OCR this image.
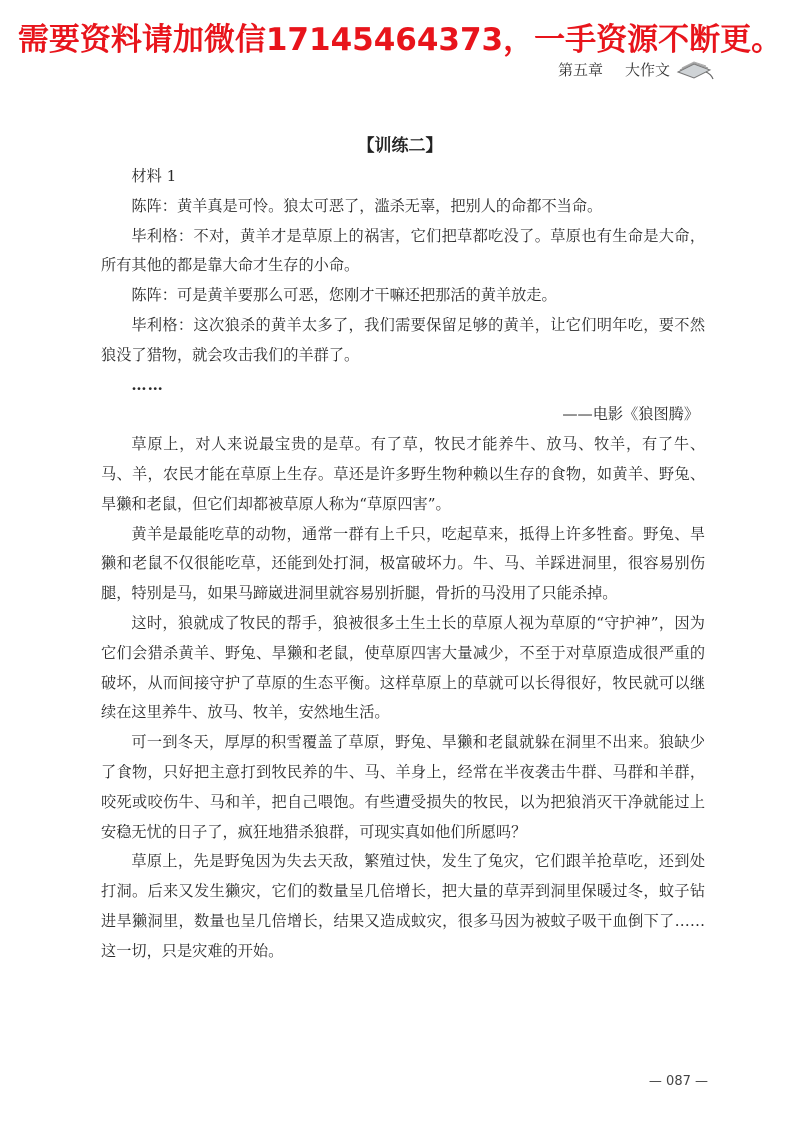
需要资料请加微信17145464373，一手资源不断更。
第五章 大作文
【训练二】

材料 1

陈阵：黄羊真是可怜。狼太可恶了，滥杀无辜，把别人的命都不当命。

毕利格：不对，黄羊才是草原上的祸害，它们把草都吃没了。草原也有生命是大命，所有其他的都是靠大命才生存的小命。

陈阵：可是黄羊要那么可恶，您刚才干嘛还把那活的黄羊放走。

毕利格：这次狼杀的黄羊太多了，我们需要保留足够的黄羊，让它们明年吃，要不然狼没了猎物，就会攻击我们的羊群了。

……

——电影《狼图腾》

草原上，对人来说最宝贵的是草。有了草，牧民才能养牛、放马、牧羊，有了牛、马、羊，农民才能在草原上生存。草还是许多野生物种赖以生存的食物，如黄羊、野兔、旱獭和老鼠，但它们却都被草原人称为“草原四害”。

黄羊是最能吃草的动物，通常一群有上千只，吃起草来，抵得上许多牲畜。野兔、旱獭和老鼠不仅很能吃草，还能到处打洞，极富破坏力。牛、马、羊踩进洞里，很容易别伤腿，特别是马，如果马蹄崴进洞里就容易别折腿，骨折的马没用了只能杀掉。

这时，狼就成了牧民的帮手，狼被很多土生土长的草原人视为草原的“守护神”，因为它们会猎杀黄羊、野兔、旱獭和老鼠，使草原四害大量减少，不至于对草原造成很严重的破坏，从而间接守护了草原的生态平衡。这样草原上的草就可以长得很好，牧民就可以继续在这里养牛、放马、牧羊，安然地生活。

可一到冬天，厚厚的积雪覆盖了草原，野兔、旱獭和老鼠就躲在洞里不出来。狼缺少了食物，只好把主意打到牧民养的牛、马、羊身上，经常在半夜袭击牛群、马群和羊群，咬死或咬伤牛、马和羊，把自己喂饱。有些遭受损失的牧民，以为把狼消灭干净就能过上安稳无忧的日子了，疯狂地猎杀狼群，可现实真如他们所愿吗？

草原上，先是野兔因为失去天敌，繁殖过快，发生了兔灾，它们跟羊抢草吃，还到处打洞。后来又发生獭灾，它们的数量呈几倍增长，把大量的草弄到洞里保暖过冬，蚊子钻进旱獭洞里，数量也呈几倍增长，结果又造成蚊灾，很多马因为被蚊子吸干血倒下了……这一切，只是灾难的开始。

— 087 —
